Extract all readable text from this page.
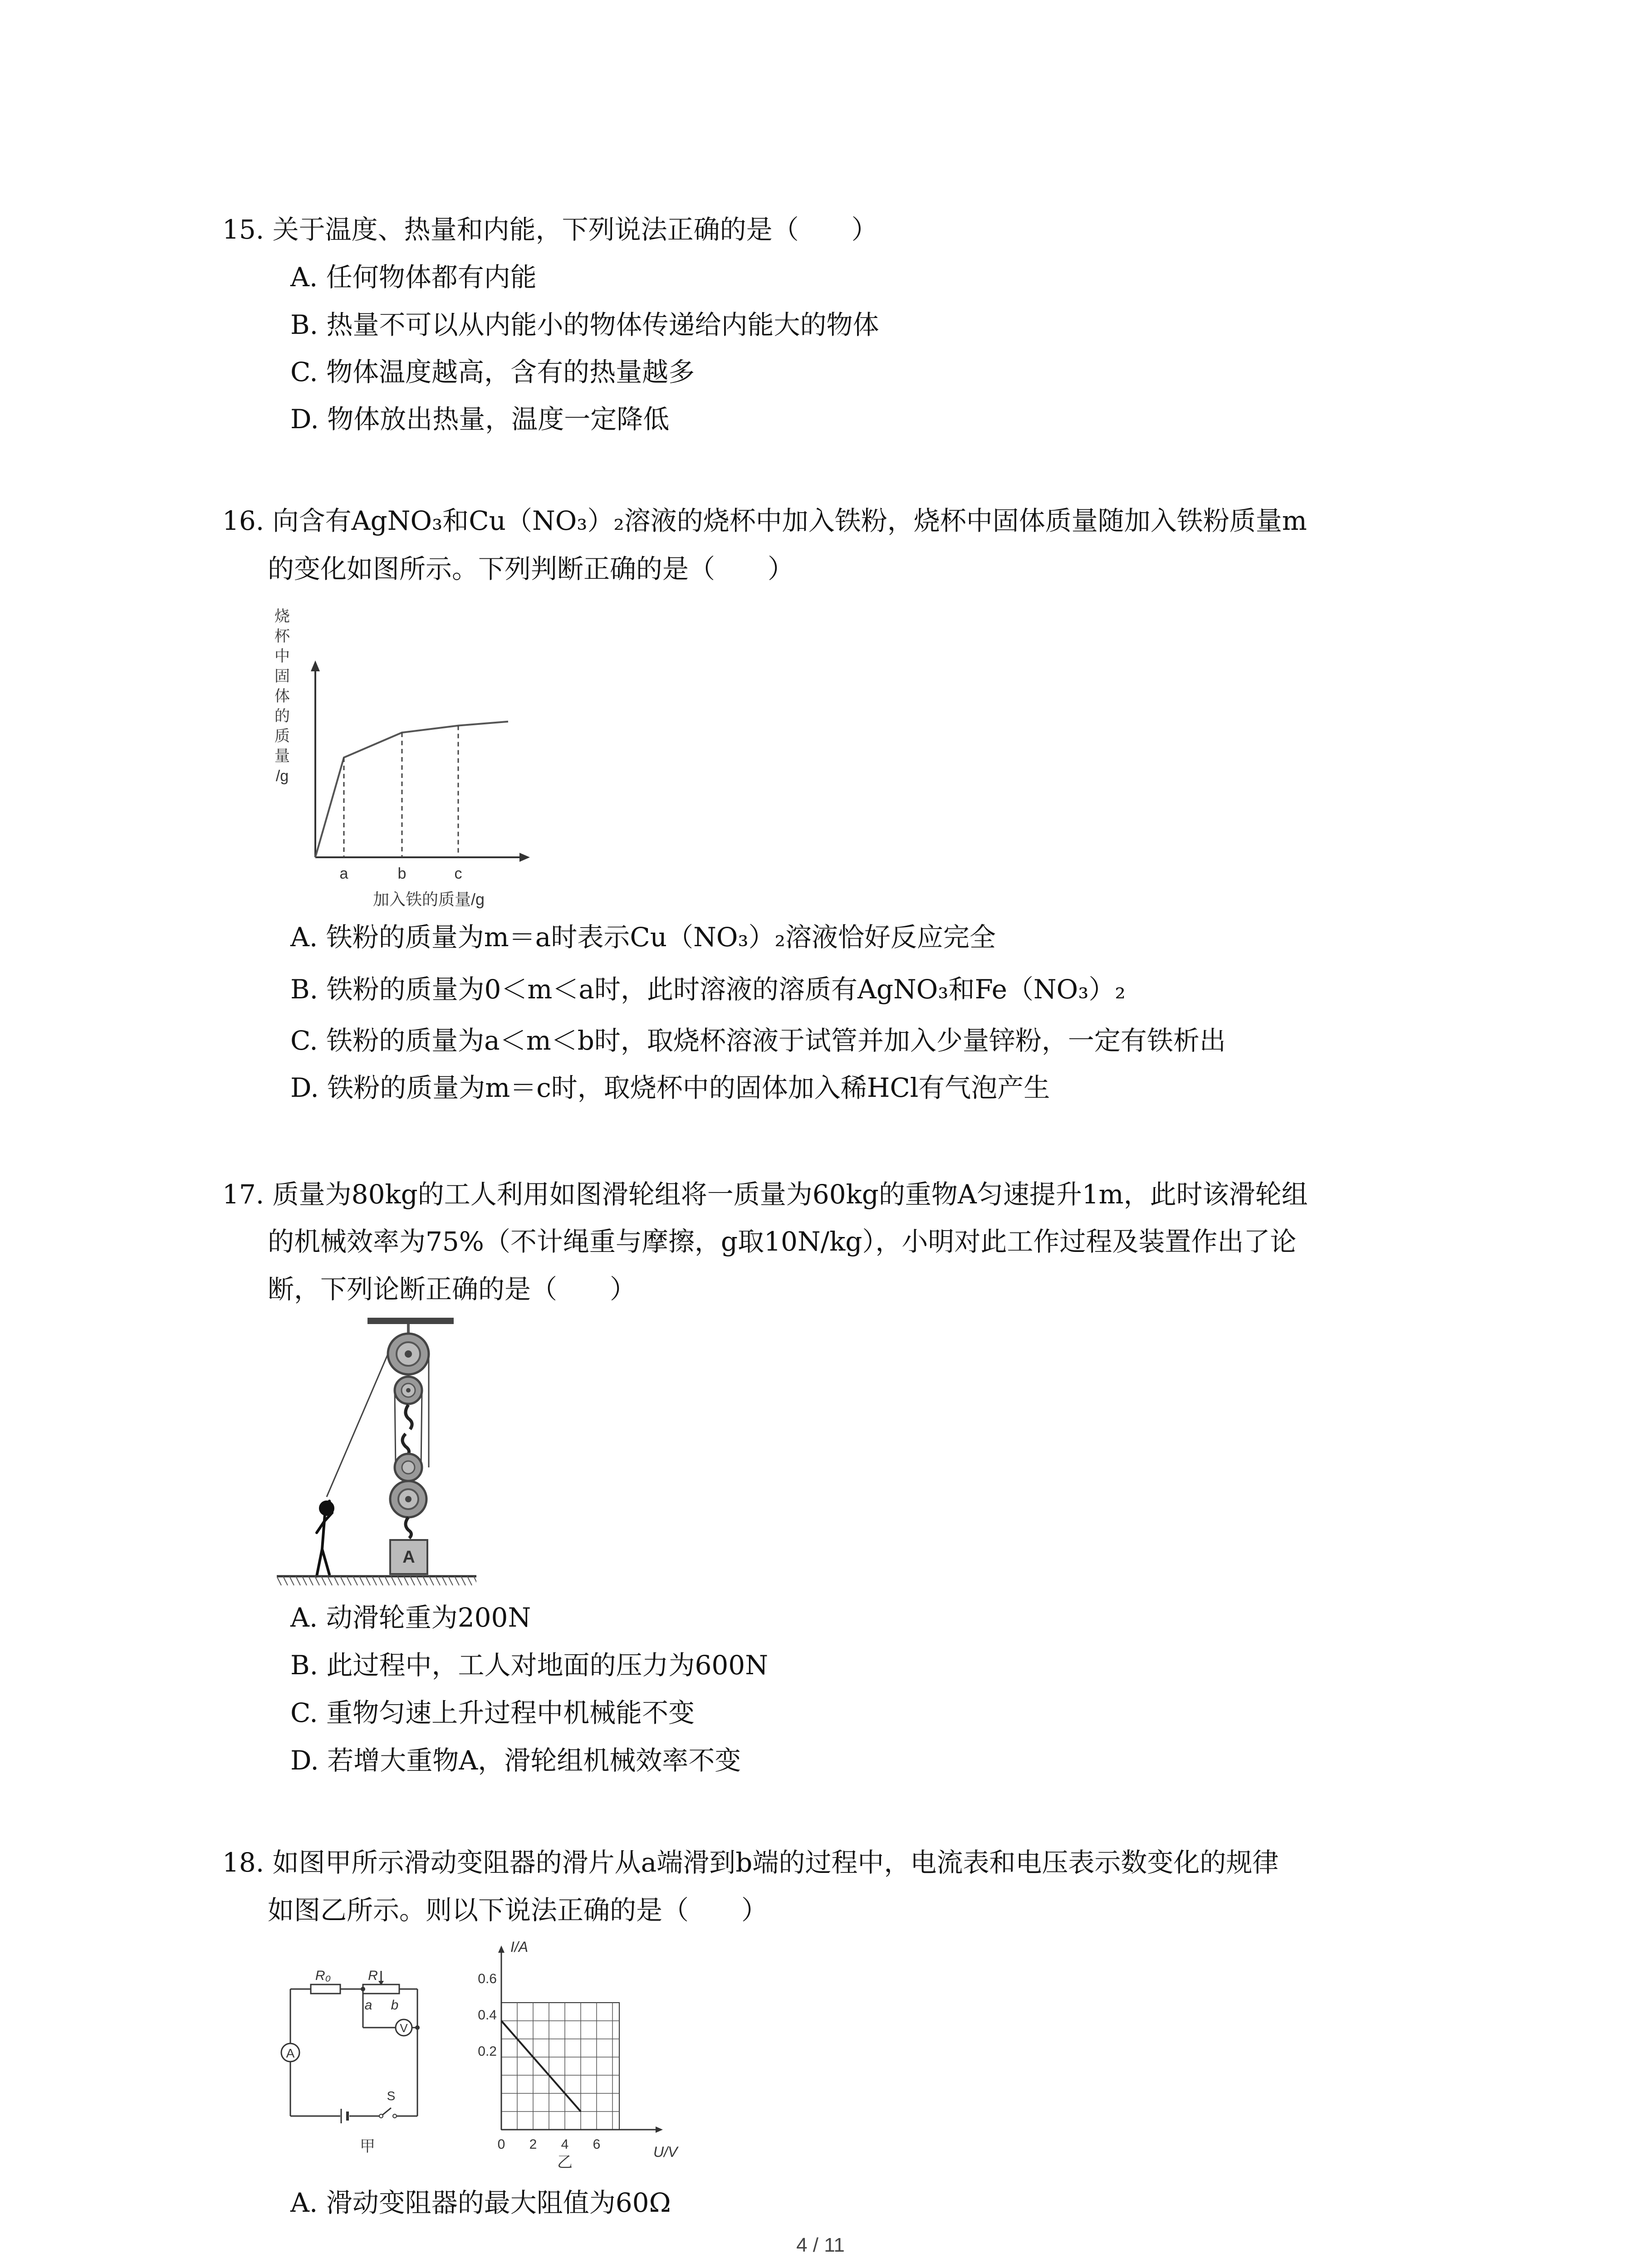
15. 关于温度、热量和内能，下列说法正确的是（　　）
A. 任何物体都有内能
B. 热量不可以从内能小的物体传递给内能大的物体
C. 物体温度越高，含有的热量越多
D. 物体放出热量，温度一定降低
16. 向含有AgNO₃和Cu（NO₃）₂溶液的烧杯中加入铁粉，烧杯中固体质量随加入铁粉质量m
的变化如图所示。下列判断正确的是（　　）
烧
杯
中
固
体
的
质
量
/g
a	b	c
加入铁的质量/g
A. 铁粉的质量为m＝a时表示Cu（NO₃）₂溶液恰好反应完全
B. 铁粉的质量为0＜m＜a时，此时溶液的溶质有AgNO₃和Fe（NO₃）₂
C. 铁粉的质量为a＜m＜b时，取烧杯溶液于试管并加入少量锌粉，一定有铁析出
D. 铁粉的质量为m＝c时，取烧杯中的固体加入稀HCl有气泡产生
17. 质量为80kg的工人利用如图滑轮组将一质量为60kg的重物A匀速提升1m，此时该滑轮组
的机械效率为75%（不计绳重与摩擦，g取10N/kg），小明对此工作过程及装置作出了论
断，下列论断正确的是（　　）
A
A. 动滑轮重为200N
B. 此过程中，工人对地面的压力为600N
C. 重物匀速上升过程中机械能不变
D. 若增大重物A，滑轮组机械效率不变
18. 如图甲所示滑动变阻器的滑片从a端滑到b端的过程中，电流表和电压表示数变化的规律
如图乙所示。则以下说法正确的是（　　）
A
V
R₀	R
a b
S
甲
I/A
U/V
0.6
0.4
0.2
0 2 4 6
乙
A. 滑动变阻器的最大阻值为60Ω
4 / 11
